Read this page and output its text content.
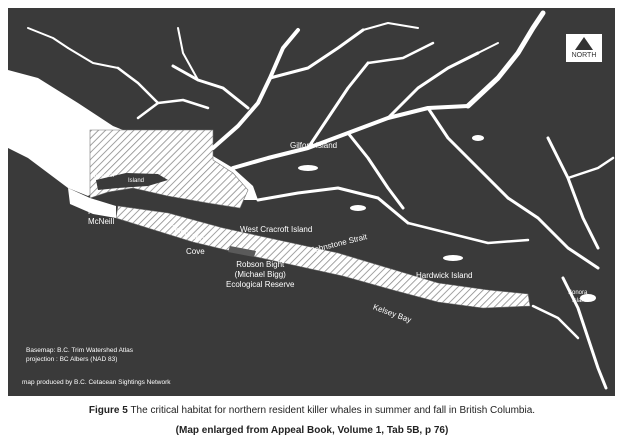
Queen
Charlotte
Strait	Gilford Island
Malcolm
Island
Port
McNeill
Telegraph
Cove
West Cracroft Island
Johnstone Strait
Robson Bight
(Michael Bigg)
Ecological Reserve
Hardwick Island
Kelsey Bay
Sonora
Island
Basemap: B.C. Trim Watershed Atlas
projection : BC Albers (NAD 83)
map produced by B.C. Cetacean Sightings Network
NORTH
Figure 5 The critical habitat for northern resident killer whales in summer and fall in British Columbia.
(Map enlarged from Appeal Book, Volume 1, Tab 5B, p 76)
